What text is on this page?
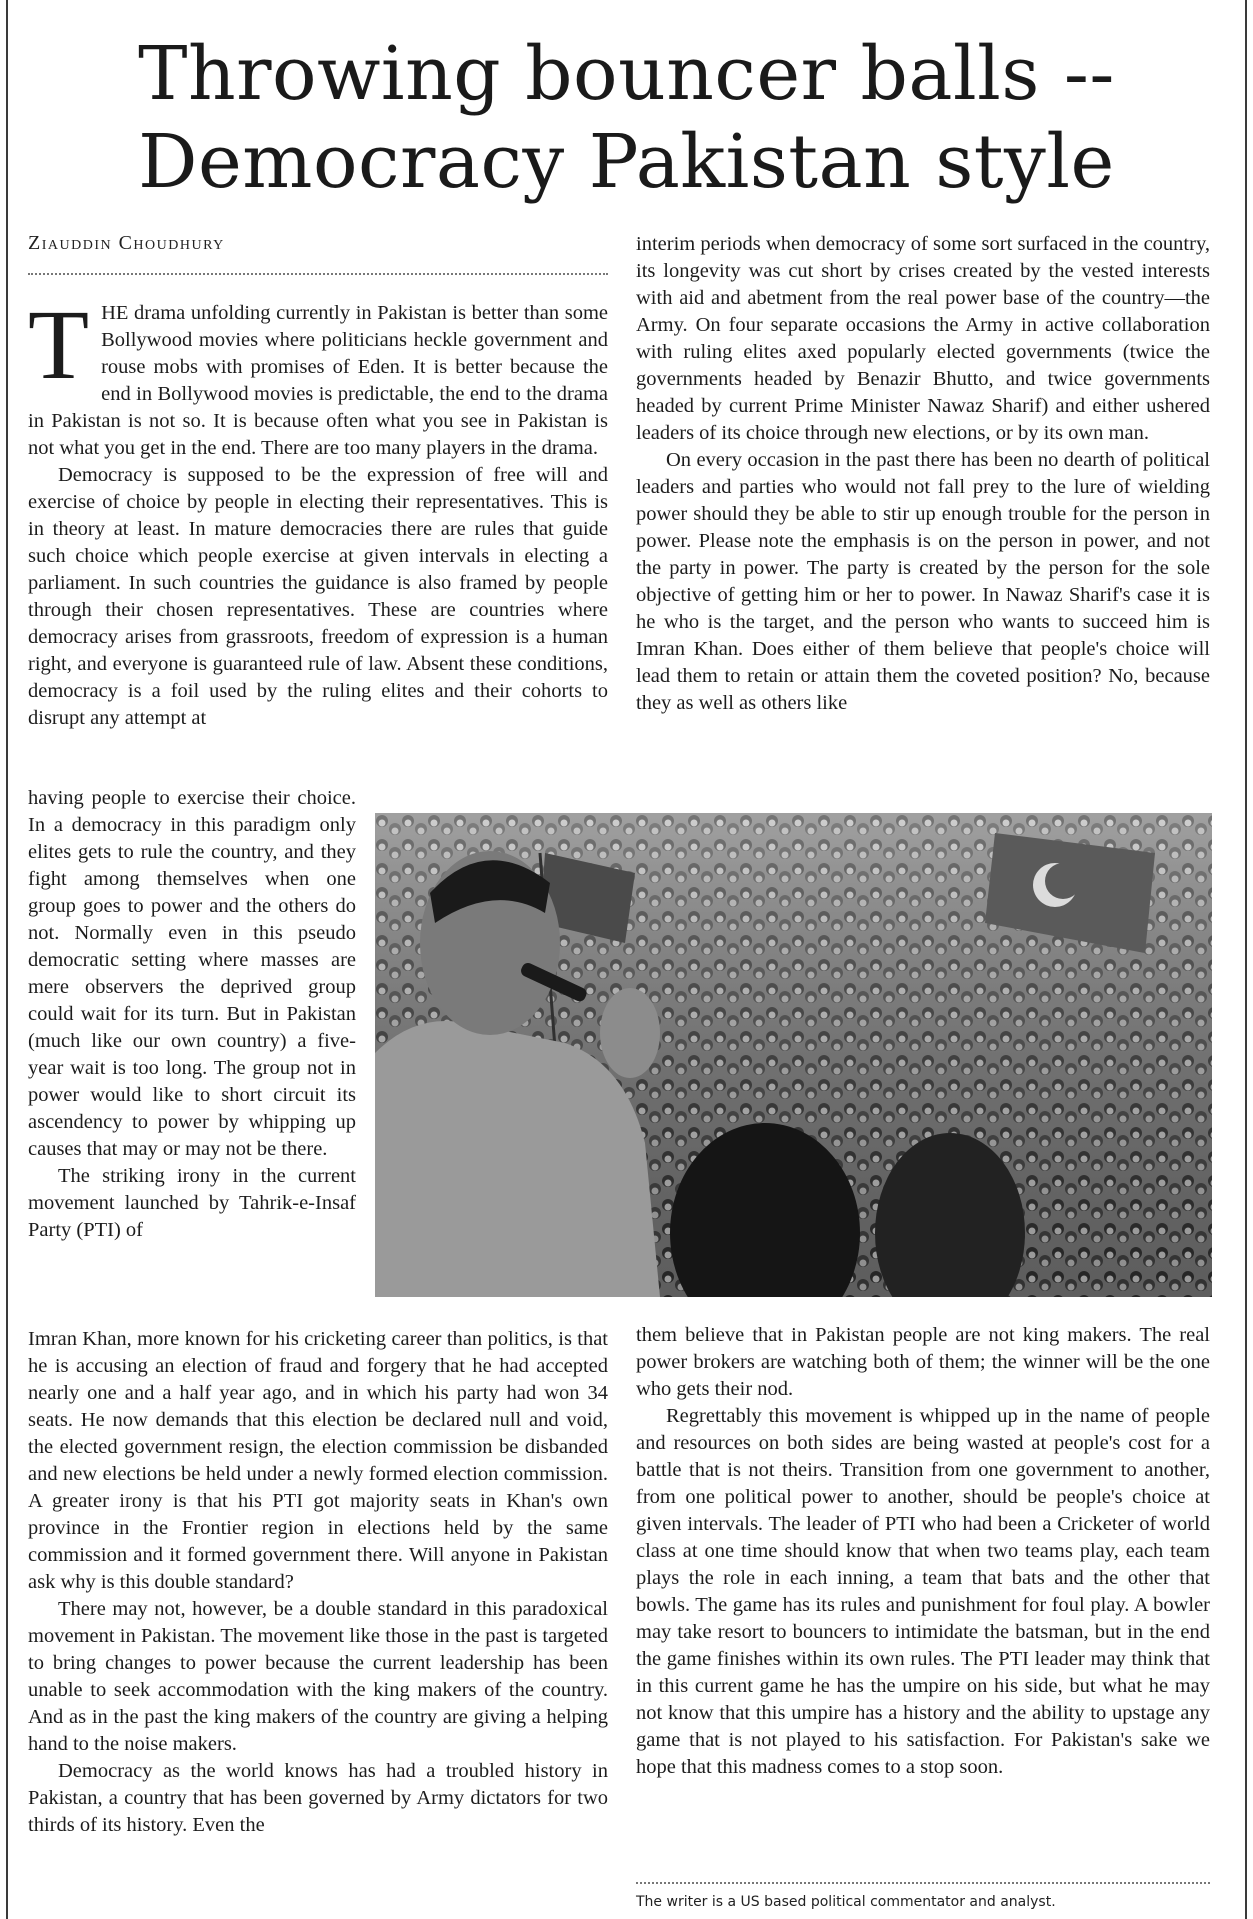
Throwing bouncer balls --
Democracy Pakistan style
Ziauddin Choudhury

THE drama unfolding currently in Pakistan is better than some Bollywood movies where politicians heckle government and rouse mobs with promises of Eden. It is better because the end in Bollywood movies is predictable, the end to the drama in Pakistan is not so. It is because often what you see in Pakistan is not what you get in the end. There are too many players in the drama.

Democracy is supposed to be the expression of free will and exercise of choice by people in electing their representatives. This is in theory at least. In mature democracies there are rules that guide such choice which people exercise at given intervals in electing a parliament. In such countries the guidance is also framed by people through their chosen representatives. These are countries where democracy arises from grassroots, freedom of expression is a human right, and everyone is guaranteed rule of law. Absent these conditions, democracy is a foil used by the ruling elites and their cohorts to disrupt any attempt at

having people to exercise their choice. In a democracy in this paradigm only elites gets to rule the country, and they fight among themselves when one group goes to power and the others do not. Normally even in this pseudo democratic setting where masses are mere observers the deprived group could wait for its turn. But in Pakistan (much like our own country) a five-year wait is too long. The group not in power would like to short circuit its ascendency to power by whipping up causes that may or may not be there.

The striking irony in the current movement launched by Tahrik-e-Insaf Party (PTI) of

Imran Khan, more known for his cricketing career than politics, is that he is accusing an election of fraud and forgery that he had accepted nearly one and a half year ago, and in which his party had won 34 seats. He now demands that this election be declared null and void, the elected government resign, the election commission be disbanded and new elections be held under a newly formed election commission. A greater irony is that his PTI got majority seats in Khan's own province in the Frontier region in elections held by the same commission and it formed government there. Will anyone in Pakistan ask why is this double standard?

There may not, however, be a double standard in this paradoxical movement in Pakistan. The movement like those in the past is targeted to bring changes to power because the current leadership has been unable to seek accommodation with the king makers of the country. And as in the past the king makers of the country are giving a helping hand to the noise makers.

Democracy as the world knows has had a troubled history in Pakistan, a country that has been governed by Army dictators for two thirds of its history. Even the

interim periods when democracy of some sort surfaced in the country, its longevity was cut short by crises created by the vested interests with aid and abetment from the real power base of the country—the Army. On four separate occasions the Army in active collaboration with ruling elites axed popularly elected governments (twice the governments headed by Benazir Bhutto, and twice governments headed by current Prime Minister Nawaz Sharif) and either ushered leaders of its choice through new elections, or by its own man.

On every occasion in the past there has been no dearth of political leaders and parties who would not fall prey to the lure of wielding power should they be able to stir up enough trouble for the person in power. Please note the emphasis is on the person in power, and not the party in power. The party is created by the person for the sole objective of getting him or her to power. In Nawaz Sharif's case it is he who is the target, and the person who wants to succeed him is Imran Khan. Does either of them believe that people's choice will lead them to retain or attain them the coveted position? No, because they as well as others like

them believe that in Pakistan people are not king makers. The real power brokers are watching both of them; the winner will be the one who gets their nod.

Regrettably this movement is whipped up in the name of people and resources on both sides are being wasted at people's cost for a battle that is not theirs. Transition from one government to another, from one political power to another, should be people's choice at given intervals. The leader of PTI who had been a Cricketer of world class at one time should know that when two teams play, each team plays the role in each inning, a team that bats and the other that bowls. The game has its rules and punishment for foul play. A bowler may take resort to bouncers to intimidate the batsman, but in the end the game finishes within its own rules. The PTI leader may think that in this current game he has the umpire on his side, but what he may not know that this umpire has a history and the ability to upstage any game that is not played to his satisfaction. For Pakistan's sake we hope that this madness comes to a stop soon.

The writer is a US based political commentator and analyst.
